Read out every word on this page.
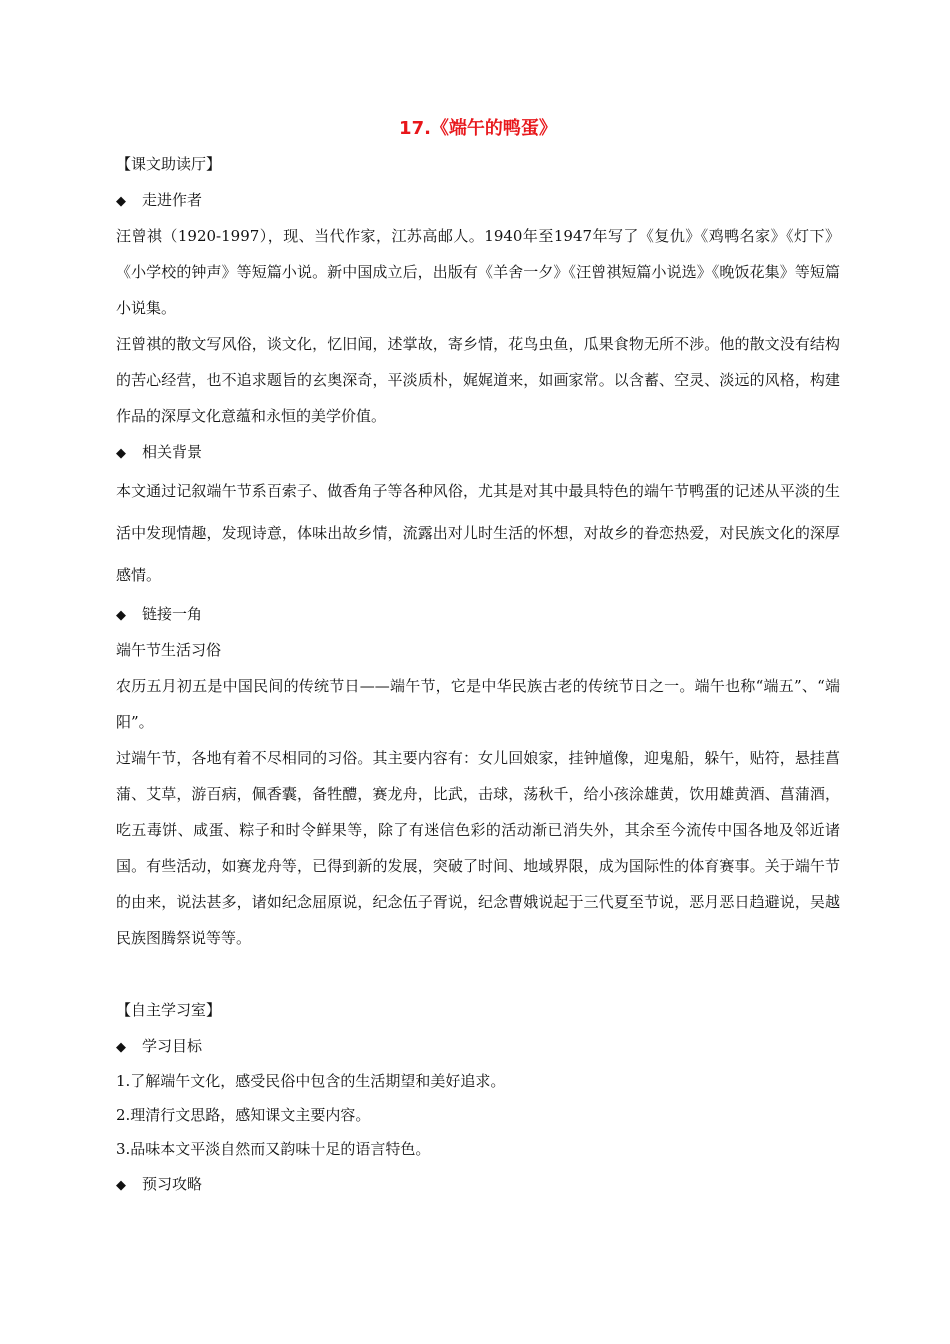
17.《端午的鸭蛋》
【课文助读厅】
◆ 走进作者

汪曾祺（1920-1997），现、当代作家，江苏高邮人。1940年至1947年写了《复仇》《鸡鸭名家》《灯下》《小学校的钟声》等短篇小说。新中国成立后，出版有《羊舍一夕》《汪曾祺短篇小说选》《晚饭花集》等短篇小说集。

汪曾祺的散文写风俗，谈文化，忆旧闻，述掌故，寄乡情，花鸟虫鱼，瓜果食物无所不涉。他的散文没有结构的苦心经营，也不追求题旨的玄奥深奇，平淡质朴，娓娓道来，如画家常。以含蓄、空灵、淡远的风格，构建作品的深厚文化意蕴和永恒的美学价值。

◆ 相关背景

本文通过记叙端午节系百索子、做香角子等各种风俗，尤其是对其中最具特色的端午节鸭蛋的记述从平淡的生活中发现情趣，发现诗意，体味出故乡情，流露出对儿时生活的怀想，对故乡的眷恋热爱，对民族文化的深厚感情。

◆ 链接一角
端午节生活习俗

农历五月初五是中国民间的传统节日——端午节，它是中华民族古老的传统节日之一。端午也称“端五”、“端阳”。

过端午节，各地有着不尽相同的习俗。其主要内容有：女儿回娘家，挂钟馗像，迎鬼船，躲午，贴符，悬挂菖蒲、艾草，游百病，佩香囊，备牲醴，赛龙舟，比武，击球，荡秋千，给小孩涂雄黄，饮用雄黄酒、菖蒲酒，吃五毒饼、咸蛋、粽子和时令鲜果等，除了有迷信色彩的活动渐已消失外，其余至今流传中国各地及邻近诸国。有些活动，如赛龙舟等，已得到新的发展，突破了时间、地域界限，成为国际性的体育赛事。关于端午节的由来，说法甚多，诸如纪念屈原说，纪念伍子胥说，纪念曹娥说起于三代夏至节说，恶月恶日趋避说，吴越民族图腾祭说等等。

【自主学习室】
◆ 学习目标
1.了解端午文化，感受民俗中包含的生活期望和美好追求。
2.理清行文思路，感知课文主要内容。
3.品味本文平淡自然而又韵味十足的语言特色。
◆ 预习攻略
